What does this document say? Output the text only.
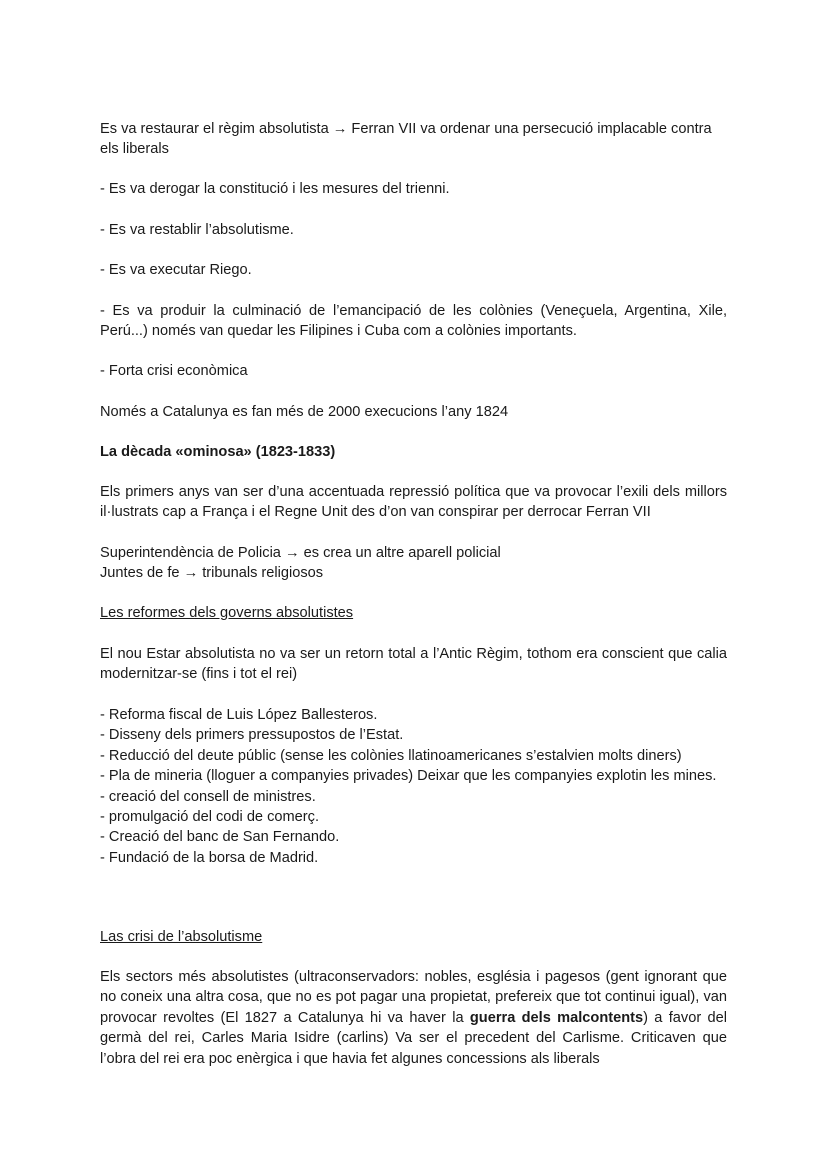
Es va restaurar el règim absolutista → Ferran VII va ordenar una persecució implacable contra els liberals

- Es va derogar la constitució i les mesures del trienni.

- Es va restablir l’absolutisme.

- Es va executar Riego.

- Es va produir la culminació de l’emancipació de les colònies (Veneçuela, Argentina, Xile, Perú...) només van quedar les Filipines i Cuba com a colònies importants.

- Forta crisi econòmica

Només a Catalunya es fan més de 2000 execucions l’any 1824

La dècada «ominosa» (1823-1833)

Els primers anys van ser d’una accentuada repressió política que va provocar l’exili dels millors il·lustrats cap a França i el Regne Unit des d’on van conspirar per derrocar Ferran VII

Superintendència de Policia → es crea un altre aparell policial
Juntes de fe → tribunals religiosos

Les reformes dels governs absolutistes

El nou Estar absolutista no va ser un retorn total a l’Antic Règim, tothom era conscient que calia modernitzar-se (fins i tot el rei)

- Reforma fiscal de Luis López Ballesteros.
- Disseny dels primers pressupostos de l’Estat.
- Reducció del deute públic (sense les colònies llatinoamericanes s’estalvien molts diners)
- Pla de mineria (lloguer a companyies privades) Deixar que les companyies explotin les mines.
- creació del consell de ministres.
- promulgació del codi de comerç.
- Creació del banc de San Fernando.
- Fundació de la borsa de Madrid.

Las crisi de l’absolutisme

Els sectors més absolutistes (ultraconservadors: nobles, església i pagesos (gent ignorant que no coneix una altra cosa, que no es pot pagar una propietat, prefereix que tot continui igual), van provocar revoltes (El 1827 a Catalunya hi va haver la guerra dels malcontents) a favor del germà del rei, Carles Maria Isidre (carlins) Va ser el precedent del Carlisme. Criticaven que l’obra del rei era poc enèrgica i que havia fet algunes concessions als liberals
